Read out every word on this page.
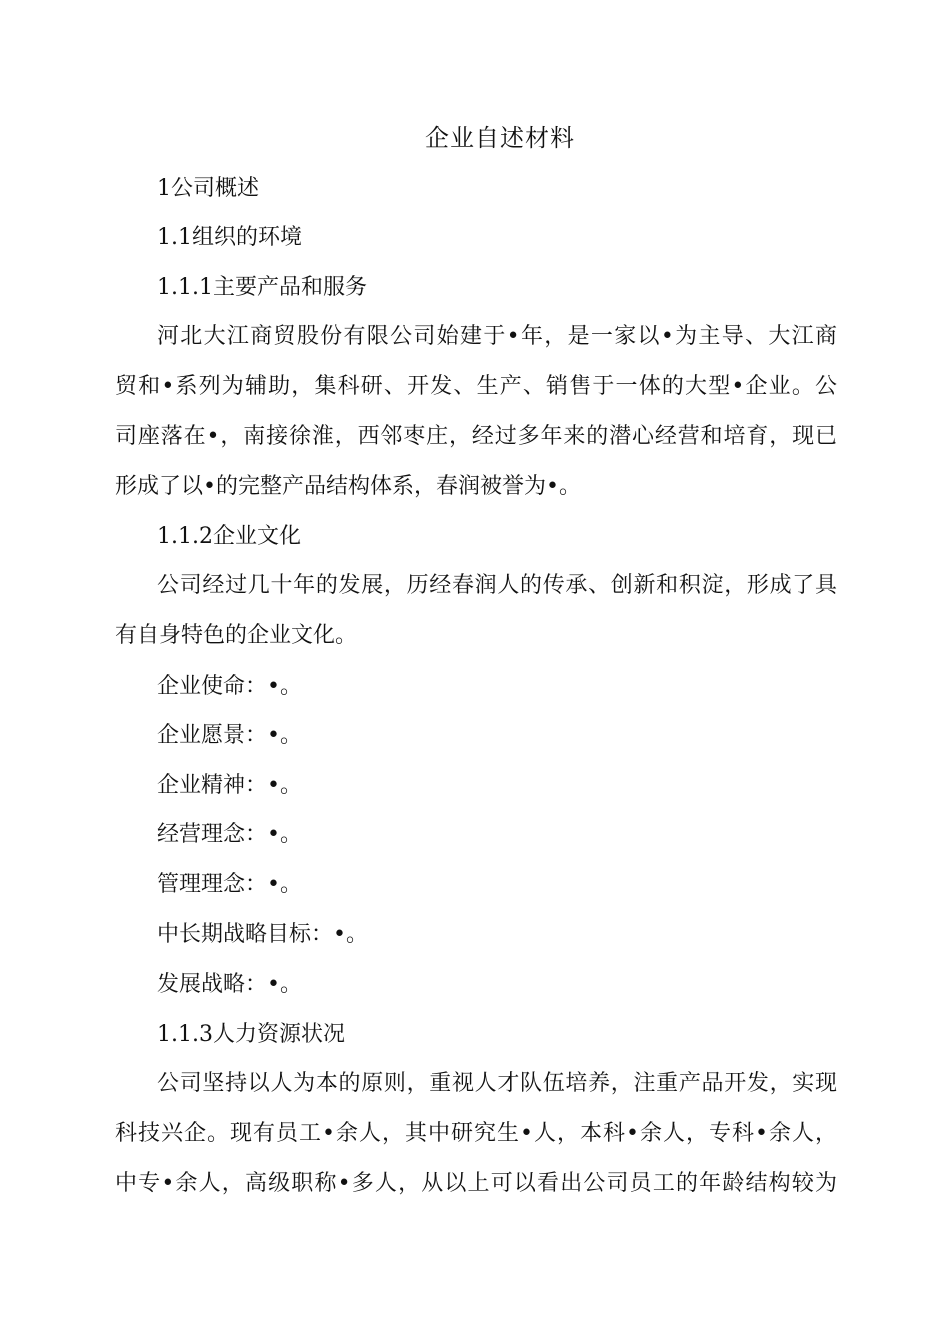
企业自述材料
1公司概述
1.1组织的环境
1.1.1主要产品和服务
河北大江商贸股份有限公司始建于•年，是一家以•为主导、大江商
贸和•系列为辅助，集科研、开发、生产、销售于一体的大型•企业。公
司座落在•，南接徐淮，西邻枣庄，经过多年来的潜心经营和培育，现已
形成了以•的完整产品结构体系，春润被誉为•。
1.1.2企业文化
公司经过几十年的发展，历经春润人的传承、创新和积淀，形成了具
有自身特色的企业文化。
企业使命：•。
企业愿景：•。
企业精神：•。
经营理念：•。
管理理念：•。
中长期战略目标：•。
发展战略：•。
1.1.3人力资源状况
公司坚持以人为本的原则，重视人才队伍培养，注重产品开发，实现
科技兴企。现有员工•余人，其中研究生•人，本科•余人，专科•余人，
中专•余人，高级职称•多人，从以上可以看出公司员工的年龄结构较为
